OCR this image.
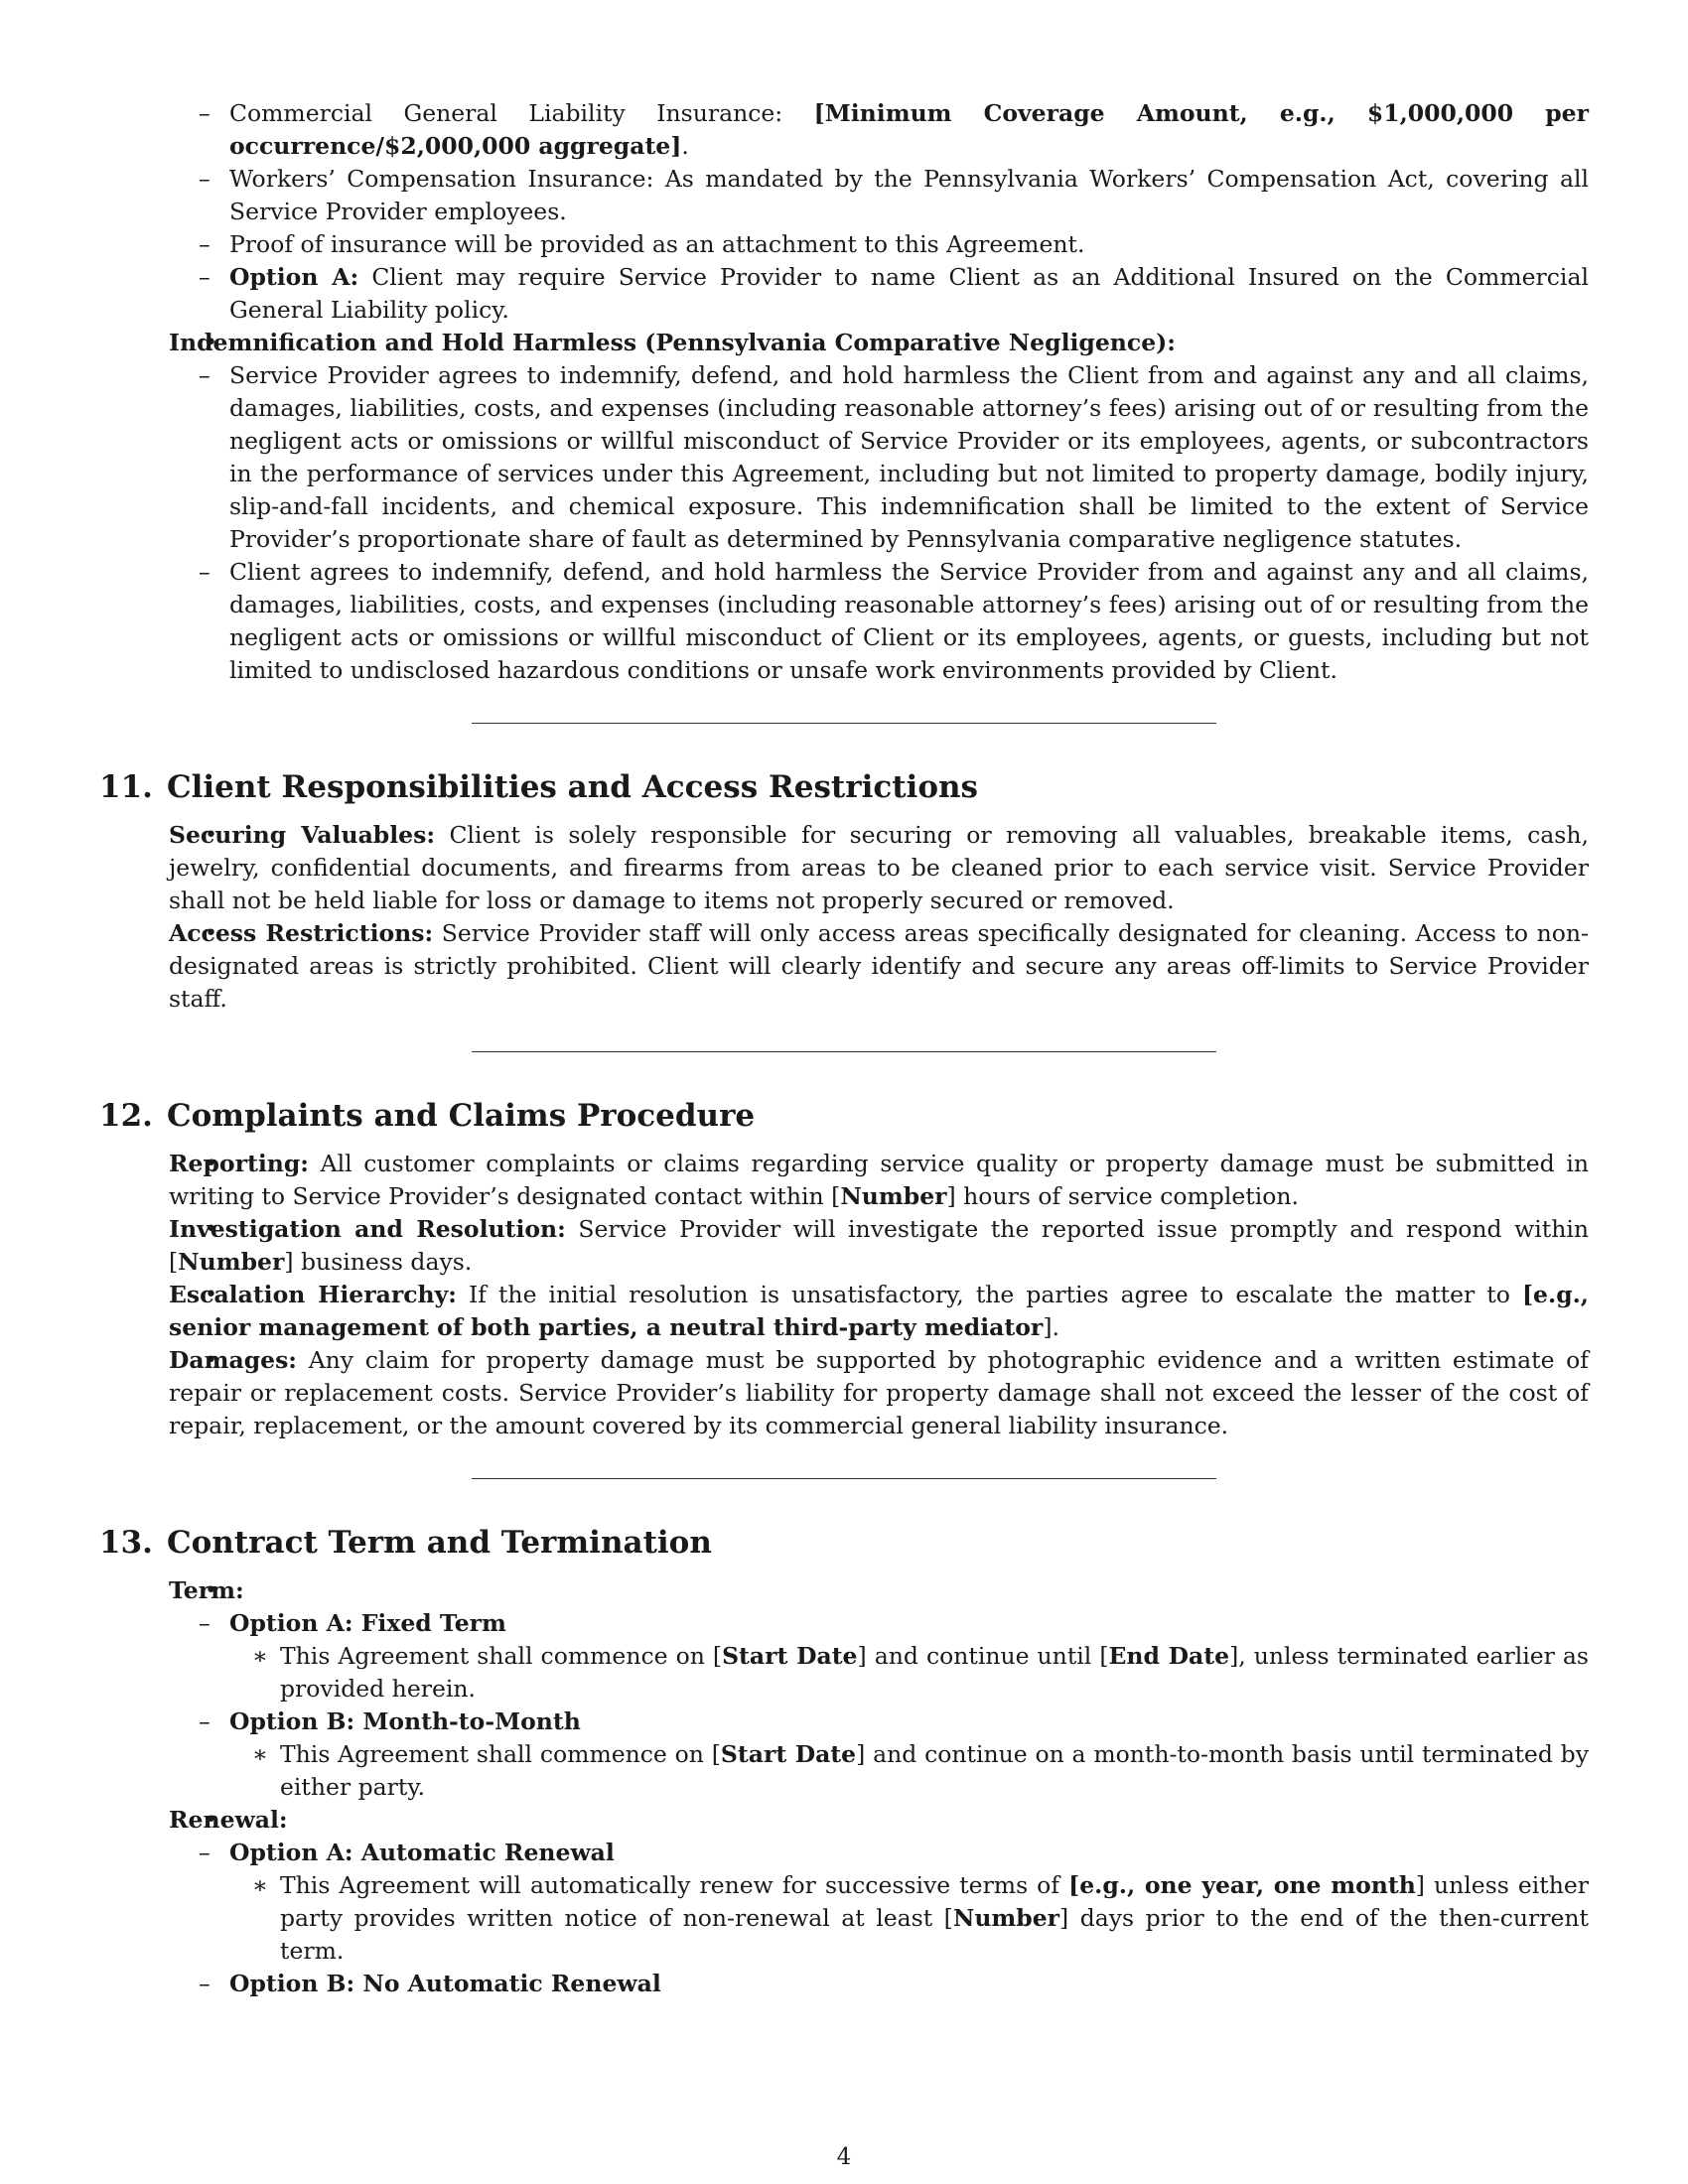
– Commercial General Liability Insurance: [Minimum Coverage Amount, e.g., $1,000,000 per occurrence/$2,000,000 aggregate].
– Workers’ Compensation Insurance: As mandated by the Pennsylvania Workers’ Compensation Act, covering all Service Provider employees.
– Proof of insurance will be provided as an attachment to this Agreement.
– Option A: Client may require Service Provider to name Client as an Additional Insured on the Commercial General Liability policy.
• Indemnification and Hold Harmless (Pennsylvania Comparative Negligence):
– Service Provider agrees to indemnify, defend, and hold harmless the Client from and against any and all claims, damages, liabilities, costs, and expenses (including reasonable attorney’s fees) arising out of or resulting from the negligent acts or omissions or willful misconduct of Service Provider or its employees, agents, or subcontractors in the performance of services under this Agreement, including but not limited to property damage, bodily injury, slip-and-fall incidents, and chemical exposure. This indemnification shall be limited to the extent of Service Provider’s proportionate share of fault as determined by Pennsylvania comparative negligence statutes.
– Client agrees to indemnify, defend, and hold harmless the Service Provider from and against any and all claims, damages, liabilities, costs, and expenses (including reasonable attorney’s fees) arising out of or resulting from the negligent acts or omissions or willful misconduct of Client or its employees, agents, or guests, including but not limited to undisclosed hazardous conditions or unsafe work environments provided by Client.
11. Client Responsibilities and Access Restrictions
• Securing Valuables: Client is solely responsible for securing or removing all valuables, breakable items, cash, jewelry, confidential documents, and firearms from areas to be cleaned prior to each service visit. Service Provider shall not be held liable for loss or damage to items not properly secured or removed.
• Access Restrictions: Service Provider staff will only access areas specifically designated for cleaning. Access to non-designated areas is strictly prohibited. Client will clearly identify and secure any areas off-limits to Service Provider staff.
12. Complaints and Claims Procedure
• Reporting: All customer complaints or claims regarding service quality or property damage must be submitted in writing to Service Provider’s designated contact within [Number] hours of service completion.
• Investigation and Resolution: Service Provider will investigate the reported issue promptly and respond within [Number] business days.
• Escalation Hierarchy: If the initial resolution is unsatisfactory, the parties agree to escalate the matter to [e.g., senior management of both parties, a neutral third-party mediator].
• Damages: Any claim for property damage must be supported by photographic evidence and a written estimate of repair or replacement costs. Service Provider’s liability for property damage shall not exceed the lesser of the cost of repair, replacement, or the amount covered by its commercial general liability insurance.
13. Contract Term and Termination
• Term:
– Option A: Fixed Term
∗ This Agreement shall commence on [Start Date] and continue until [End Date], unless terminated earlier as provided herein.
– Option B: Month-to-Month
∗ This Agreement shall commence on [Start Date] and continue on a month-to-month basis until terminated by either party.
• Renewal:
– Option A: Automatic Renewal
∗ This Agreement will automatically renew for successive terms of [e.g., one year, one month] unless either party provides written notice of non-renewal at least [Number] days prior to the end of the then-current term.
– Option B: No Automatic Renewal
4
